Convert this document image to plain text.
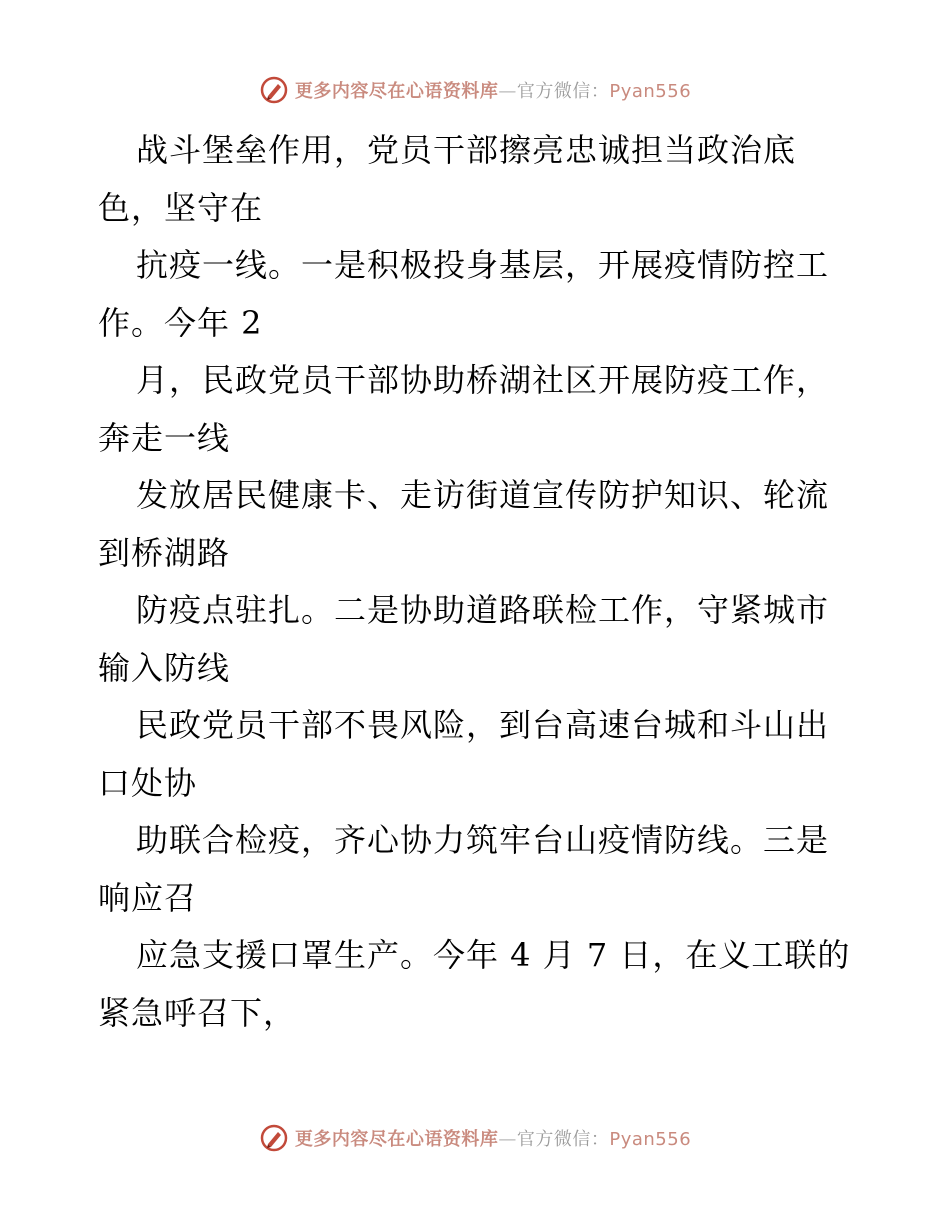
更多内容尽在心语资料库—官方微信：Pyan556
战斗堡垒作用，党员干部擦亮忠诚担当政治底
色，坚守在
抗疫一线。一是积极投身基层，开展疫情防控工
作。今年 2
月，民政党员干部协助桥湖社区开展防疫工作，
奔走一线
发放居民健康卡、走访街道宣传防护知识、轮流
到桥湖路
防疫点驻扎。二是协助道路联检工作，守紧城市
输入防线
民政党员干部不畏风险，到台高速台城和斗山出
口处协
助联合检疫，齐心协力筑牢台山疫情防线。三是
响应召
应急支援口罩生产。今年 4 月 7 日，在义工联的
紧急呼召下，
更多内容尽在心语资料库—官方微信：Pyan556
